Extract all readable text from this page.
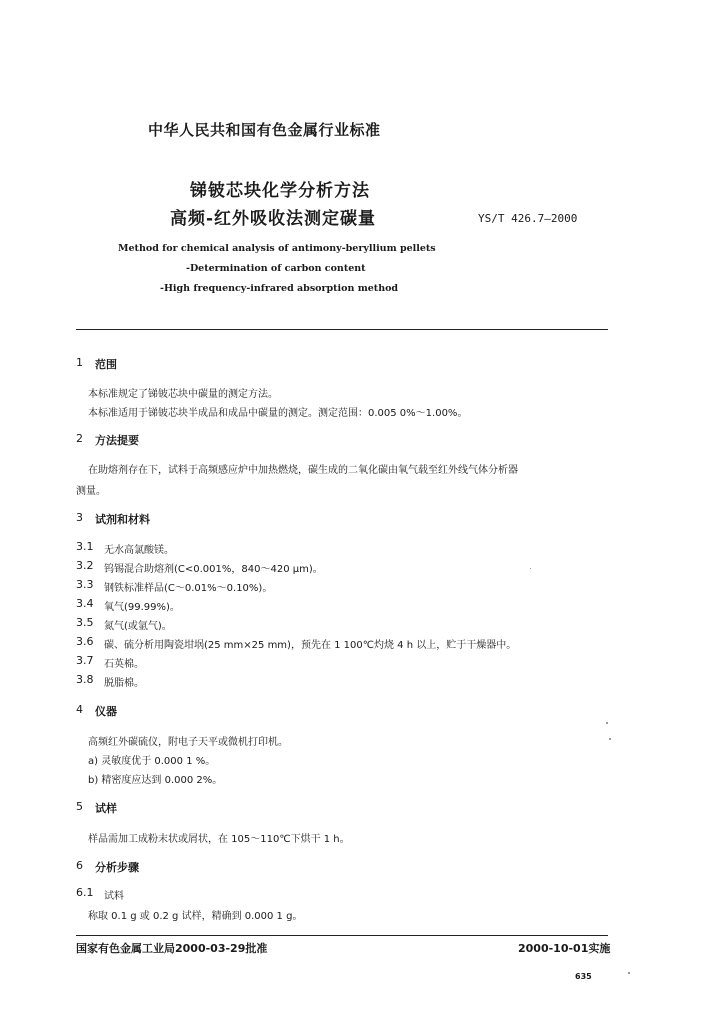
中华人民共和国有色金属行业标准
锑铍芯块化学分析方法
高频-红外吸收法测定碳量	YS/T 426.7—2000
Method for chemical analysis of antimony-beryllium pellets
-Determination of carbon content
-High frequency-infrared absorption method
1 范围
本标准规定了锑铍芯块中碳量的测定方法。
本标准适用于锑铍芯块半成品和成品中碳量的测定。测定范围：0.005 0%～1.00%。
2 方法提要
在助熔剂存在下，试料于高频感应炉中加热燃烧，碳生成的二氧化碳由氧气载至红外线气体分析器
测量。
3 试剂和材料
3.1 无水高氯酸镁。
3.2 钨锡混合助熔剂(C<0.001%，840～420 μm)。
3.3 钢铁标准样品(C～0.01%～0.10%)。
3.4 氧气(99.99%)。
3.5 氮气(或氩气)。
3.6 碳、硫分析用陶瓷坩埚(25 mm×25 mm)，预先在 1 100℃灼烧 4 h 以上，贮于干燥器中。
3.7 石英棉。
3.8 脱脂棉。
4 仪器
高频红外碳硫仪，附电子天平或微机打印机。
a) 灵敏度优于 0.000 1 %。
b) 精密度应达到 0.000 2%。
5 试样
样品需加工成粉末状或屑状，在 105～110℃下烘干 1 h。
6 分析步骤
6.1 试料
称取 0.1 g 或 0.2 g 试样，精确到 0.000 1 g。
国家有色金属工业局2000-03-29批准	2000-10-01实施
635
